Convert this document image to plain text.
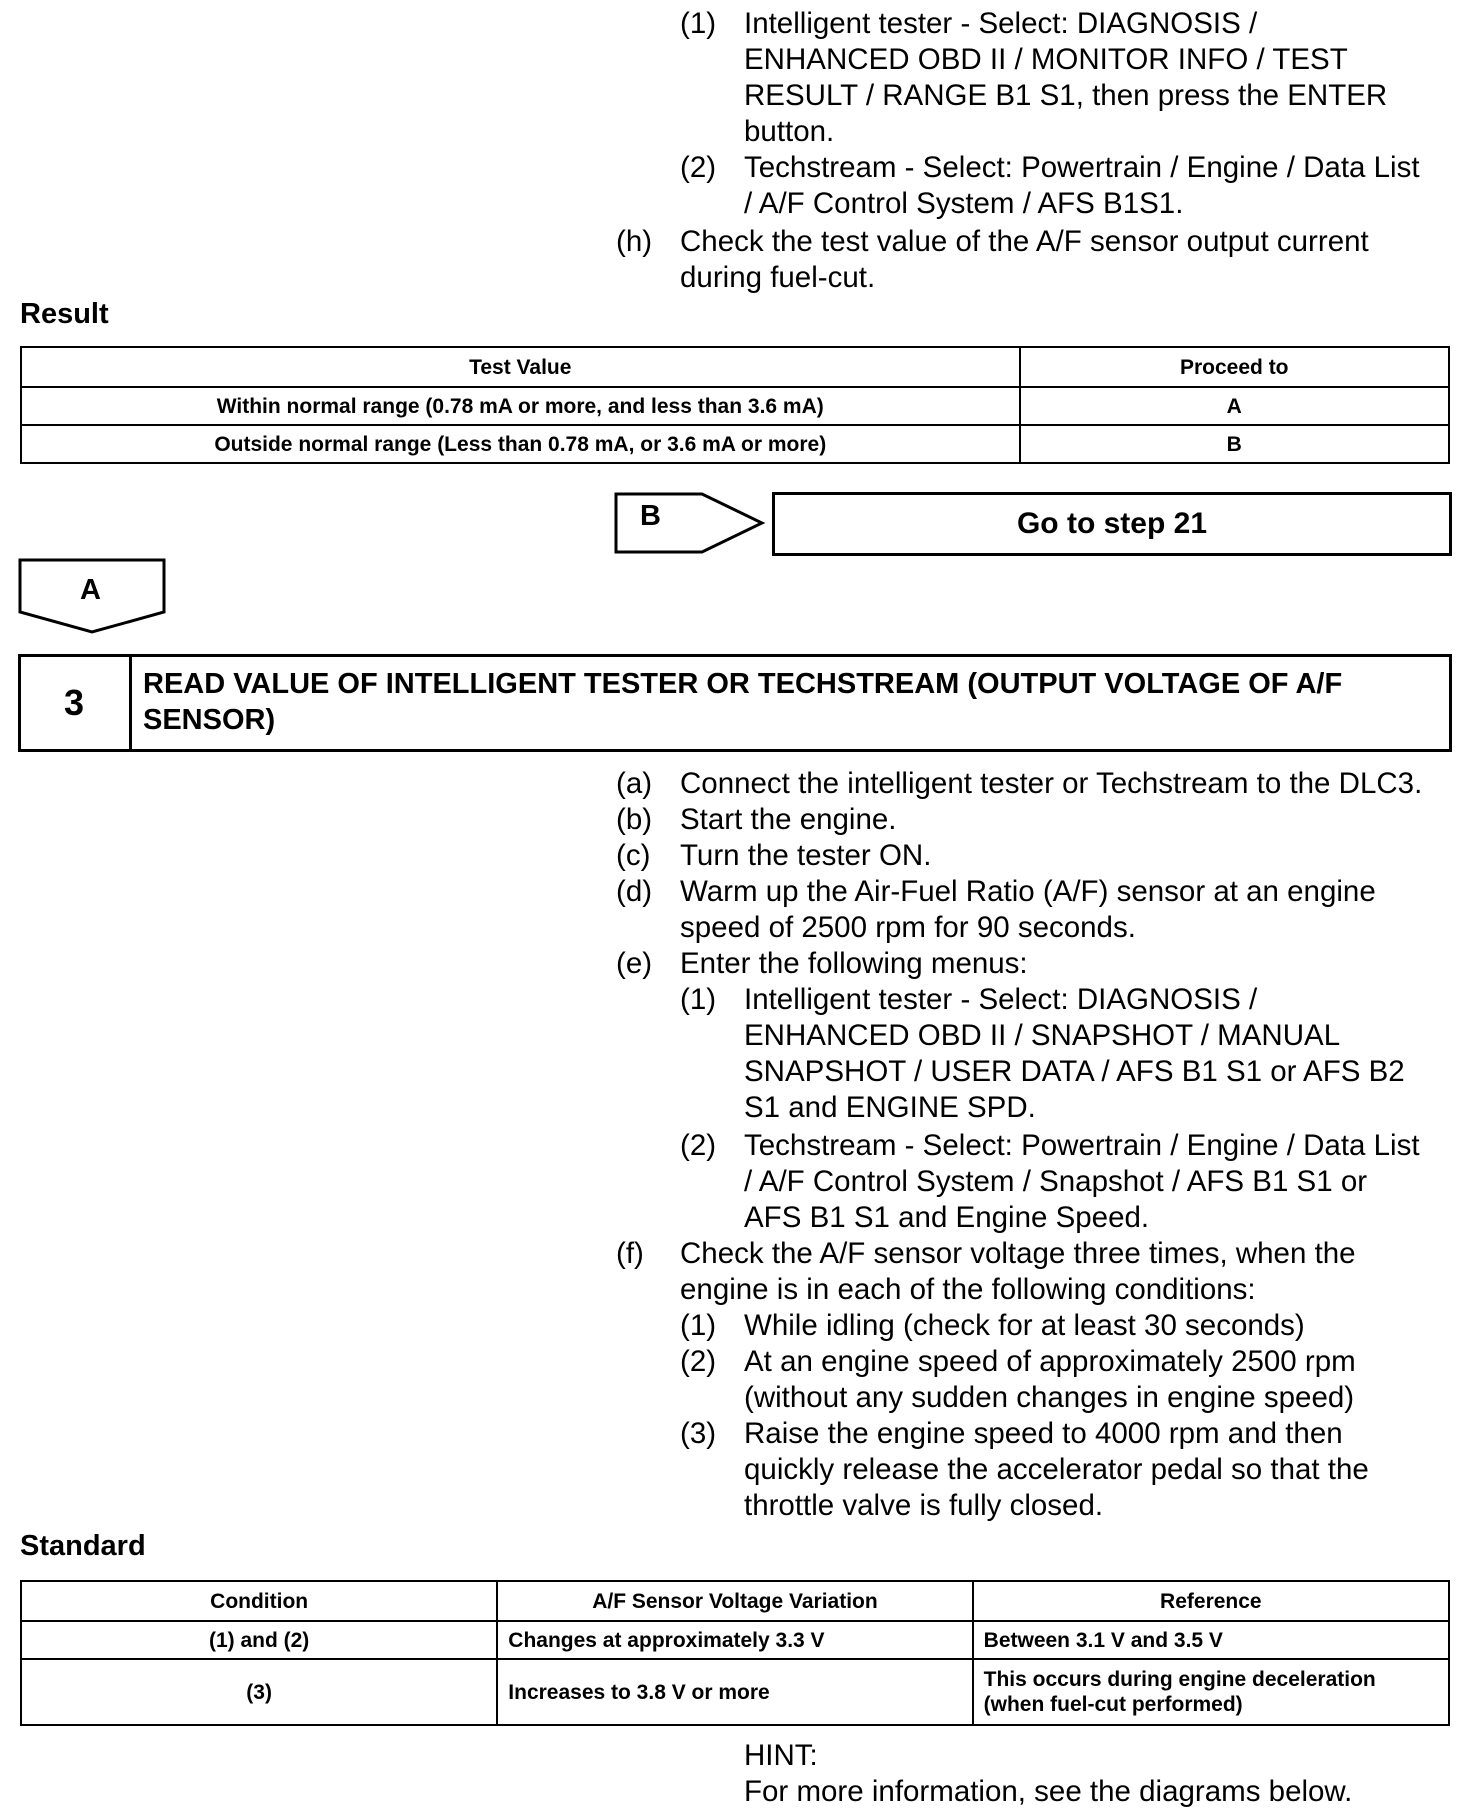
(1) Intelligent tester - Select: DIAGNOSIS /
ENHANCED OBD II / MONITOR INFO / TEST
RESULT / RANGE B1 S1, then press the ENTER
button.
(2) Techstream - Select: Powertrain / Engine / Data List
/ A/F Control System / AFS B1S1.
(h) Check the test value of the A/F sensor output current
during fuel-cut.
Result
Test Value	Proceed to
Within normal range (0.78 mA or more, and less than 3.6 mA)	A
Outside normal range (Less than 0.78 mA, or 3.6 mA or more)	B
B	Go to step 21
A
3	READ VALUE OF INTELLIGENT TESTER OR TECHSTREAM (OUTPUT VOLTAGE OF A/F
SENSOR)
(a) Connect the intelligent tester or Techstream to the DLC3.
(b) Start the engine.
(c) Turn the tester ON.
(d) Warm up the Air-Fuel Ratio (A/F) sensor at an engine
speed of 2500 rpm for 90 seconds.
(e) Enter the following menus:
(1) Intelligent tester - Select: DIAGNOSIS /
ENHANCED OBD II / SNAPSHOT / MANUAL
SNAPSHOT / USER DATA / AFS B1 S1 or AFS B2
S1 and ENGINE SPD.
(2) Techstream - Select: Powertrain / Engine / Data List
/ A/F Control System / Snapshot / AFS B1 S1 or
AFS B1 S1 and Engine Speed.
(f) Check the A/F sensor voltage three times, when the
engine is in each of the following conditions:
(1) While idling (check for at least 30 seconds)
(2) At an engine speed of approximately 2500 rpm
(without any sudden changes in engine speed)
(3) Raise the engine speed to 4000 rpm and then
quickly release the accelerator pedal so that the
throttle valve is fully closed.
Standard
Condition	A/F Sensor Voltage Variation	Reference
(1) and (2)	Changes at approximately 3.3 V	Between 3.1 V and 3.5 V
(3)	Increases to 3.8 V or more	This occurs during engine deceleration
(when fuel-cut performed)
HINT:
For more information, see the diagrams below.
